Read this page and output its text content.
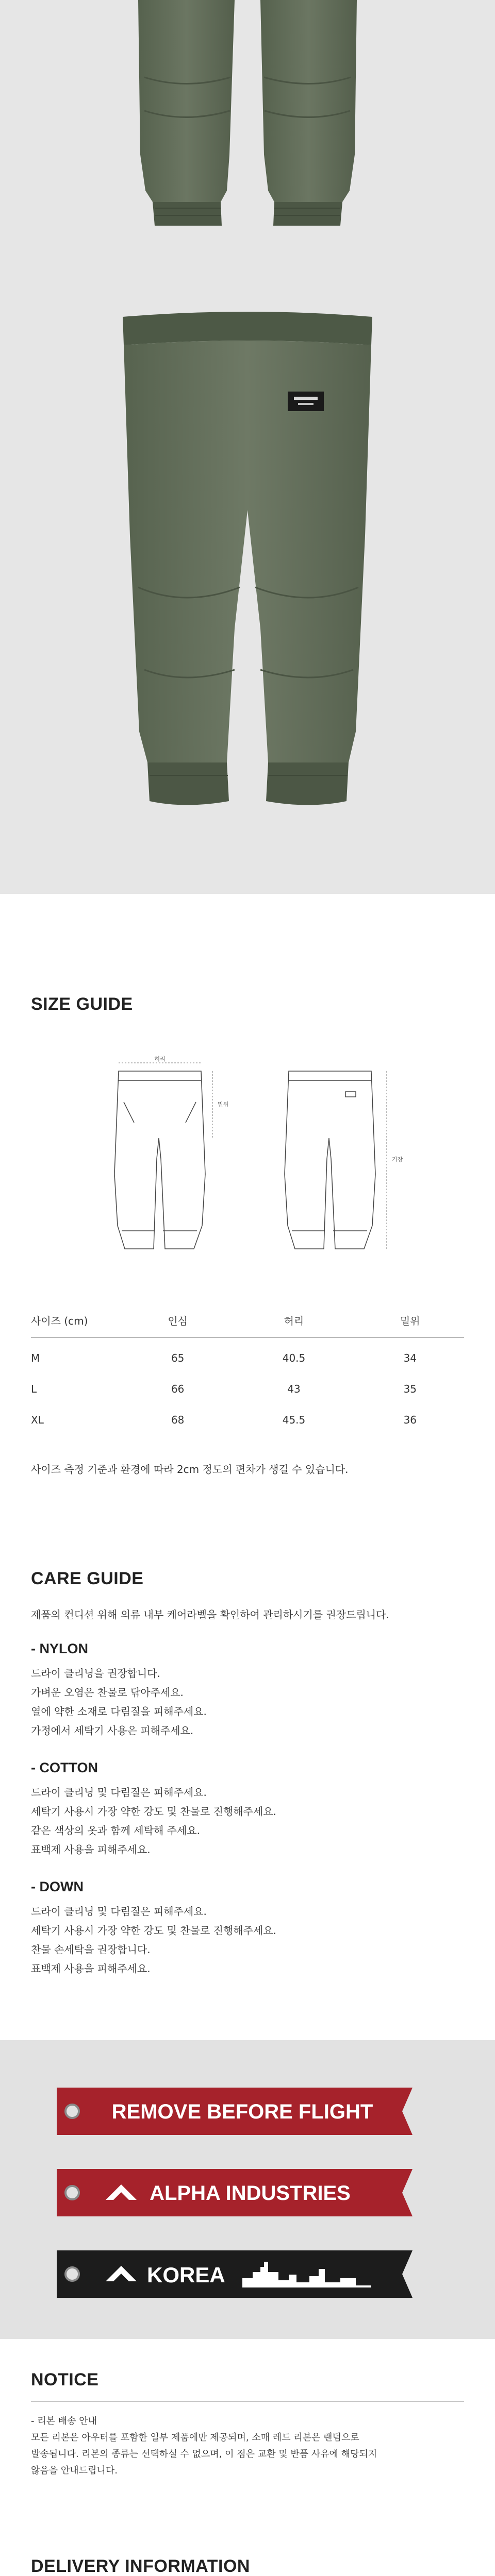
SIZE GUIDE
허리
밑위
기장
사이즈 (cm)	인심	허리	밑위
M	65	40.5	34
L	66	43	35
XL	68	45.5	36
사이즈 측정 기준과 환경에 따라 2cm 정도의 편차가 생길 수 있습니다.
CARE GUIDE
제품의 컨디션 위해 의류 내부 케어라벨을 확인하여 관리하시기를 권장드립니다.
- NYLON

드라이 클리닝을 권장합니다.

가벼운 오염은 찬물로 닦아주세요.

열에 약한 소재로 다림질을 피해주세요.

가정에서 세탁기 사용은 피해주세요.

- COTTON

드라이 클리닝 및 다림질은 피해주세요.

세탁기 사용시 가장 약한 강도 및 찬물로 진행해주세요.

같은 색상의 옷과 함께 세탁해 주세요.

표백제 사용을 피해주세요.

- DOWN

드라이 클리닝 및 다림질은 피해주세요.

세탁기 사용시 가장 약한 강도 및 찬물로 진행해주세요.

찬물 손세탁을 권장합니다.

표백제 사용을 피해주세요.

REMOVE BEFORE FLIGHT
ALPHA INDUSTRIES
KOREA
NOTICE

- 리본 배송 안내

모든 리본은 아우터를 포함한 일부 제품에만 제공되며, 소매 레드 리본은 랜덤으로

발송됩니다. 리본의 종류는 선택하실 수 없으며, 이 점은 교환 및 반품 사유에 해당되지

않음을 안내드립니다.

DELIVERY INFORMATION
